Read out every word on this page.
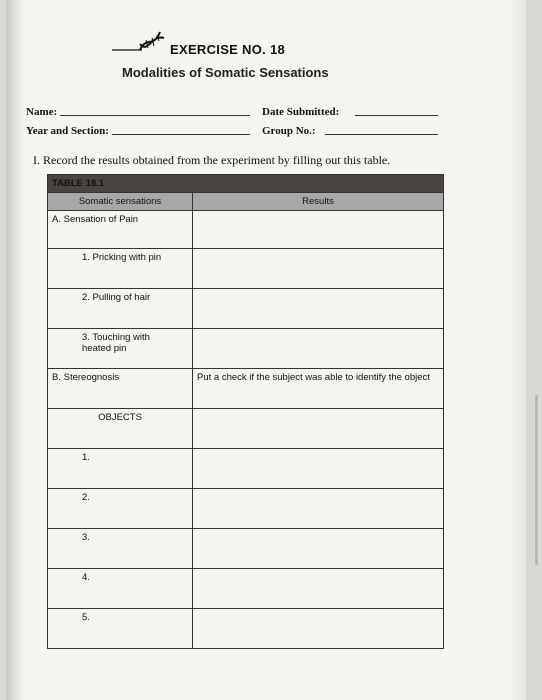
EXERCISE NO. 18
Modalities of Somatic Sensations
Name:	Date Submitted:
Year and Section:	Group No.:
I. Record the results obtained from the experiment by filling out this table.
TABLE 18.1	
Somatic sensations	Results
A. Sensation of Pain	
1. Pricking with pin	
2. Pulling of hair	
3. Touching with heated pin	
B. Stereognosis	Put a check if the subject was able to identify the object
OBJECTS	
1.	
2.	
3.	
4.	
5.	
